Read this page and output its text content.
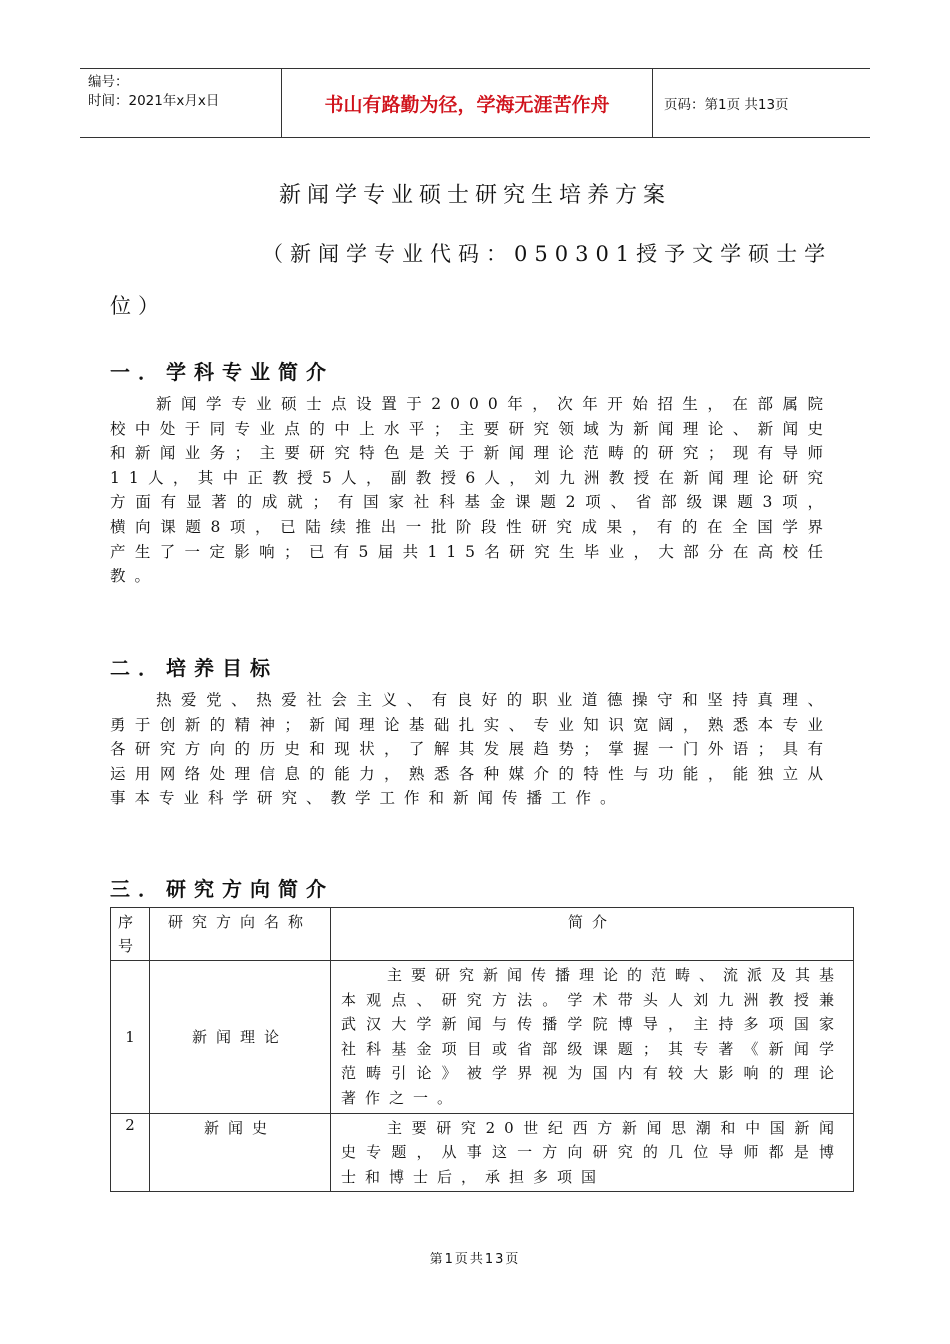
编号：
时间：2021年x月x日	书山有路勤为径，学海无涯苦作舟	页码：第1页 共13页
新闻学专业硕士研究生培养方案
（新闻学专业代码：050301授予文学硕士学
位）
一．学科专业简介
新闻学专业硕士点设置于2000年，次年开始招生，在部属院校中处于同专业点的中上水平；主要研究领域为新闻理论、新闻史和新闻业务；主要研究特色是关于新闻理论范畴的研究；现有导师11人，其中正教授5人，副教授6人，刘九洲教授在新闻理论研究方面有显著的成就；有国家社科基金课题2项、省部级课题3项，横向课题8项，已陆续推出一批阶段性研究成果，有的在全国学界产生了一定影响；已有5届共115名研究生毕业，大部分在高校任教。
二．培养目标
热爱党、热爱社会主义、有良好的职业道德操守和坚持真理、勇于创新的精神；新闻理论基础扎实、专业知识宽阔，熟悉本专业各研究方向的历史和现状，了解其发展趋势；掌握一门外语；具有运用网络处理信息的能力，熟悉各种媒介的特性与功能，能独立从事本专业科学研究、教学工作和新闻传播工作。
三．研究方向简介
序号	研究方向名称	简介
1	新闻理论	主要研究新闻传播理论的范畴、流派及其基本观点、研究方法。学术带头人刘九洲教授兼武汉大学新闻与传播学院博导，主持多项国家社科基金项目或省部级课题；其专著《新闻学范畴引论》被学界视为国内有较大影响的理论著作之一。

2	新闻史	主要研究20世纪西方新闻思潮和中国新闻史专题，从事这一方向研究的几位导师都是博士和博士后，承担多项国

第1页共13页
